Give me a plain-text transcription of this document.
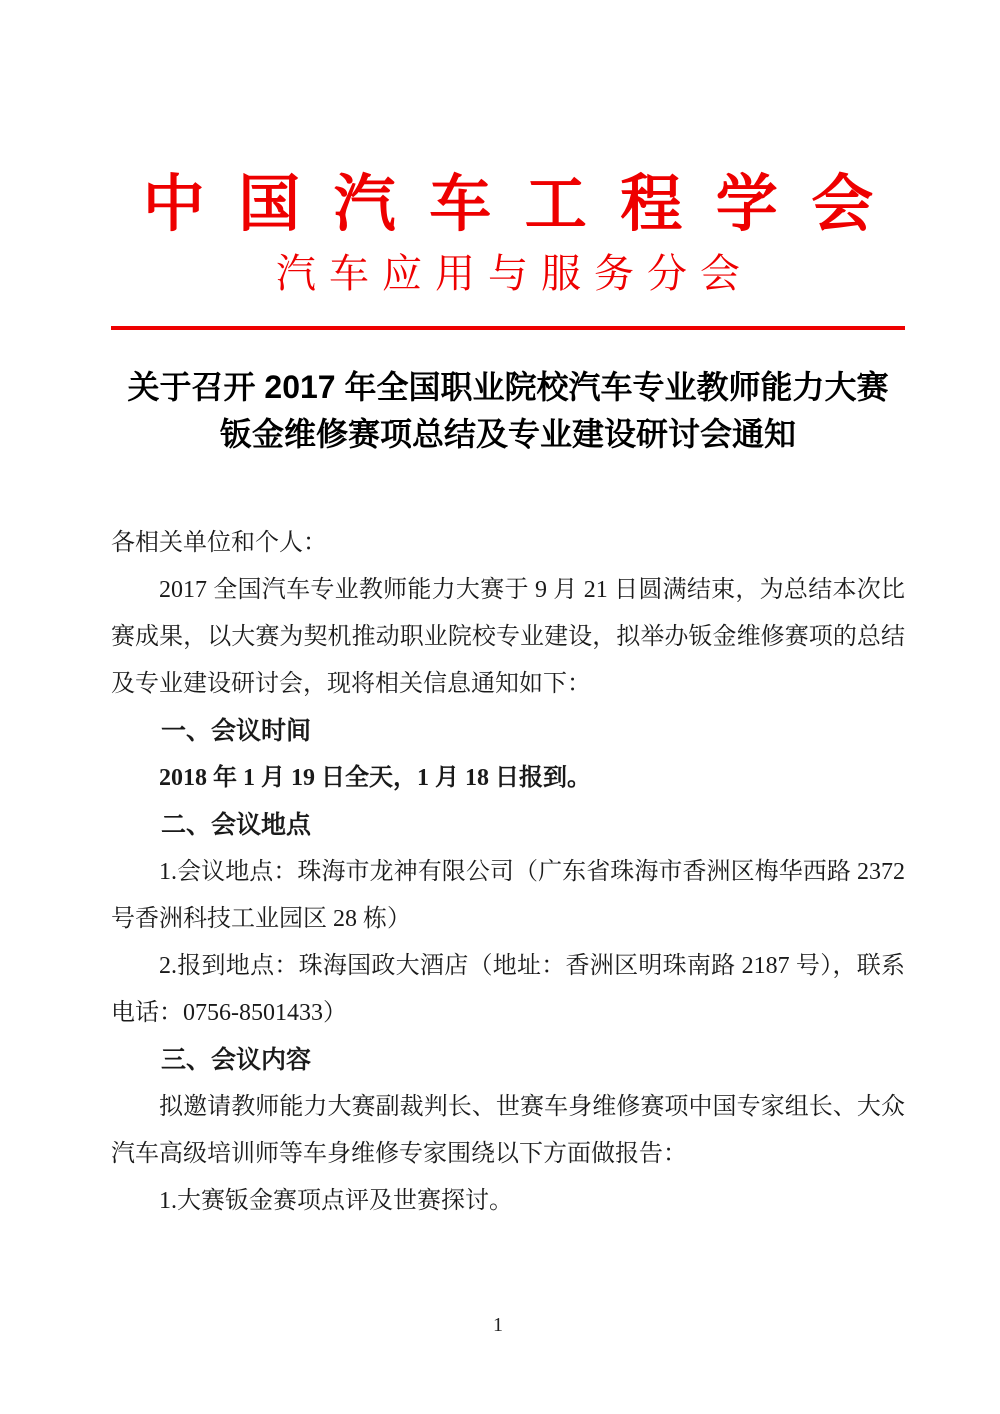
中 国 汽 车 工 程 学 会
汽 车 应 用 与 服 务 分 会
关于召开 2017 年全国职业院校汽车专业教师能力大赛
钣金维修赛项总结及专业建设研讨会通知

各相关单位和个人：

2017 全国汽车专业教师能力大赛于 9 月 21 日圆满结束，为总结本次比赛成果，以大赛为契机推动职业院校专业建设，拟举办钣金维修赛项的总结及专业建设研讨会，现将相关信息通知如下：

一、会议时间

2018 年 1 月 19 日全天，1 月 18 日报到。

二、会议地点

1.会议地点：珠海市龙神有限公司（广东省珠海市香洲区梅华西路 2372 号香洲科技工业园区 28 栋）

2.报到地点：珠海国政大酒店（地址：香洲区明珠南路 2187 号），联系电话：0756-8501433）

三、会议内容

拟邀请教师能力大赛副裁判长、世赛车身维修赛项中国专家组长、大众汽车高级培训师等车身维修专家围绕以下方面做报告：

1.大赛钣金赛项点评及世赛探讨。

1
